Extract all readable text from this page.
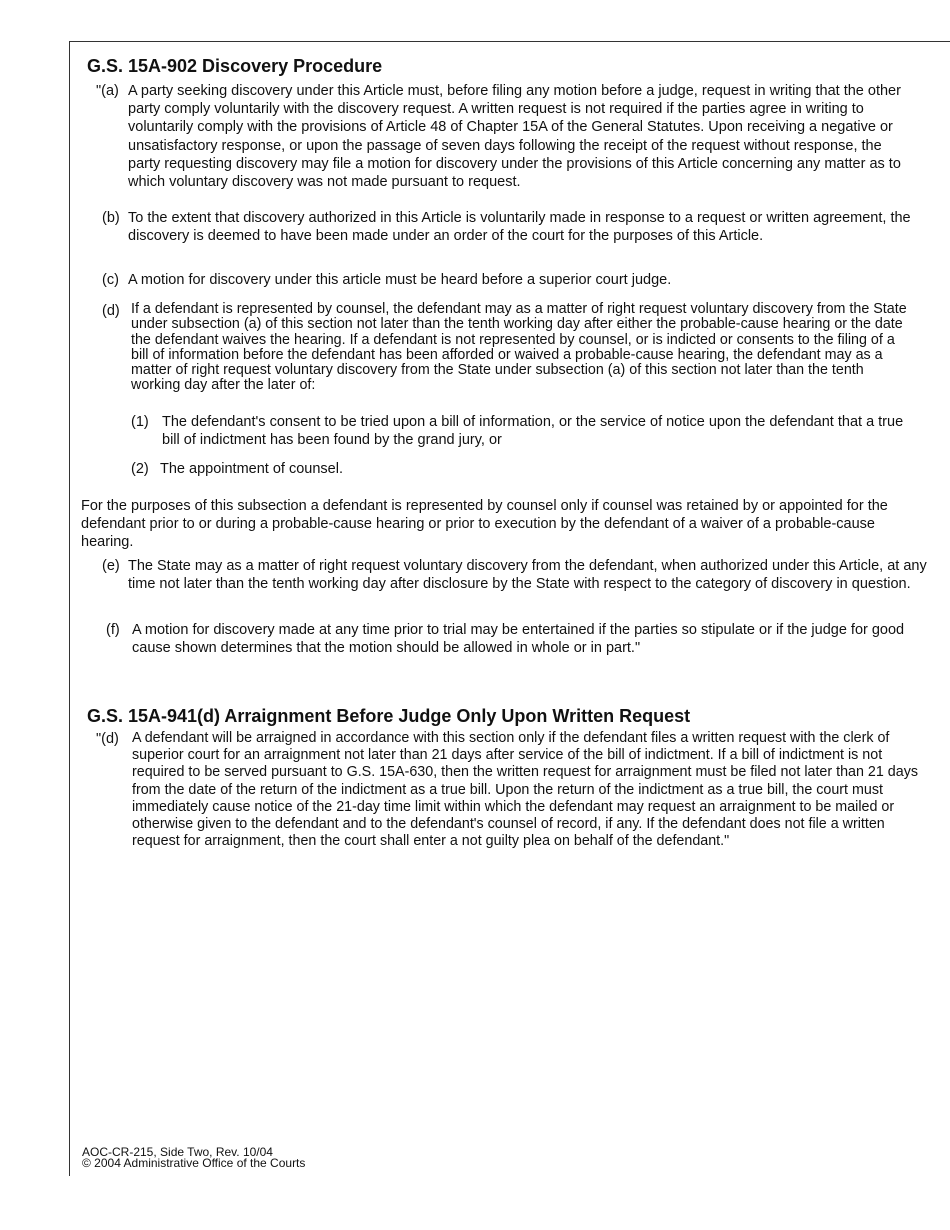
G.S. 15A-902 Discovery Procedure
"(a) A party seeking discovery under this Article must, before filing any motion before a judge, request in writing that the other party comply voluntarily with the discovery request. A written request is not required if the parties agree in writing to voluntarily comply with the provisions of Article 48 of Chapter 15A of the General Statutes. Upon receiving a negative or unsatisfactory response, or upon the passage of seven days following the receipt of the request without response, the party requesting discovery may file a motion for discovery under the provisions of this Article concerning any matter as to which voluntary discovery was not made pursuant to request.
(b) To the extent that discovery authorized in this Article is voluntarily made in response to a request or written agreement, the discovery is deemed to have been made under an order of the court for the purposes of this Article.
(c) A motion for discovery under this article must be heard before a superior court judge.
(d) If a defendant is represented by counsel, the defendant may as a matter of right request voluntary discovery from the State under subsection (a) of this section not later than the tenth working day after either the probable-cause hearing or the date the defendant waives the hearing. If a defendant is not represented by counsel, or is indicted or consents to the filing of a bill of information before the defendant has been afforded or waived a probable-cause hearing, the defendant may as a matter of right request voluntary discovery from the State under subsection (a) of this section not later than the tenth working day after the later of:
(1) The defendant's consent to be tried upon a bill of information, or the service of notice upon the defendant that a true bill of indictment has been found by the grand jury, or
(2) The appointment of counsel.
For the purposes of this subsection a defendant is represented by counsel only if counsel was retained by or appointed for the defendant prior to or during a probable-cause hearing or prior to execution by the defendant of a waiver of a probable-cause hearing.
(e) The State may as a matter of right request voluntary discovery from the defendant, when authorized under this Article, at any time not later than the tenth working day after disclosure by the State with respect to the category of discovery in question.
(f) A motion for discovery made at any time prior to trial may be entertained if the parties so stipulate or if the judge for good cause shown determines that the motion should be allowed in whole or in part."
G.S. 15A-941(d) Arraignment Before Judge Only Upon Written Request
"(d) A defendant will be arraigned in accordance with this section only if the defendant files a written request with the clerk of superior court for an arraignment not later than 21 days after service of the bill of indictment. If a bill of indictment is not required to be served pursuant to G.S. 15A-630, then the written request for arraignment must be filed not later than 21 days from the date of the return of the indictment as a true bill. Upon the return of the indictment as a true bill, the court must immediately cause notice of the 21-day time limit within which the defendant may request an arraignment to be mailed or otherwise given to the defendant and to the defendant's counsel of record, if any. If the defendant does not file a written request for arraignment, then the court shall enter a not guilty plea on behalf of the defendant."
AOC-CR-215, Side Two, Rev. 10/04
© 2004 Administrative Office of the Courts
